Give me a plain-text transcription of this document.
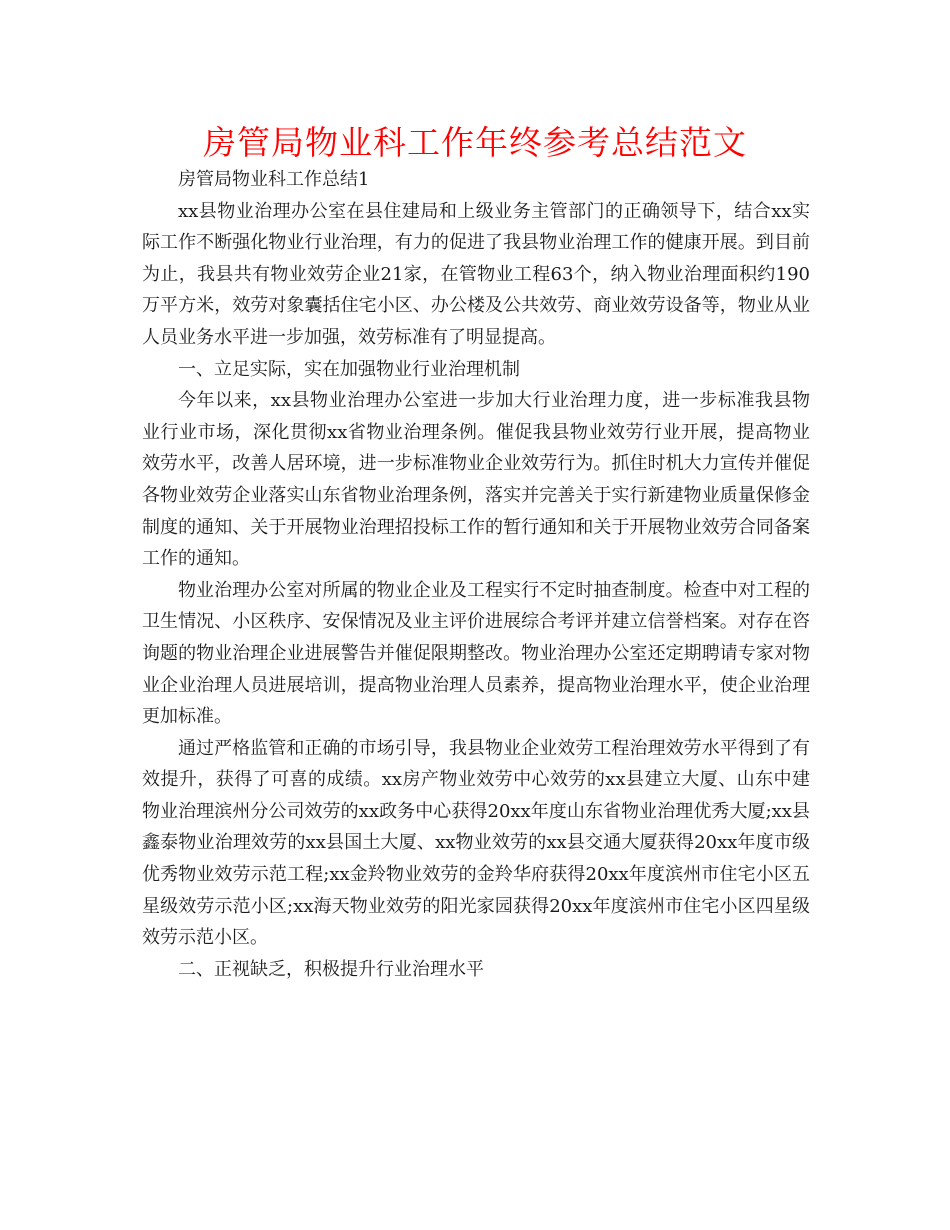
房管局物业科工作年终参考总结范文

房管局物业科工作总结1

xx县物业治理办公室在县住建局和上级业务主管部门的正确领导下，结合xx实际工作不断强化物业行业治理，有力的促进了我县物业治理工作的健康开展。到目前为止，我县共有物业效劳企业21家，在管物业工程63个，纳入物业治理面积约190万平方米，效劳对象囊括住宅小区、办公楼及公共效劳、商业效劳设备等，物业从业人员业务水平进一步加强，效劳标准有了明显提高。

一、立足实际，实在加强物业行业治理机制

今年以来，xx县物业治理办公室进一步加大行业治理力度，进一步标准我县物业行业市场，深化贯彻xx省物业治理条例。催促我县物业效劳行业开展，提高物业效劳水平，改善人居环境，进一步标准物业企业效劳行为。抓住时机大力宣传并催促各物业效劳企业落实山东省物业治理条例，落实并完善关于实行新建物业质量保修金制度的通知、关于开展物业治理招投标工作的暂行通知和关于开展物业效劳合同备案工作的通知。

物业治理办公室对所属的物业企业及工程实行不定时抽查制度。检查中对工程的卫生情况、小区秩序、安保情况及业主评价进展综合考评并建立信誉档案。对存在咨询题的物业治理企业进展警告并催促限期整改。物业治理办公室还定期聘请专家对物业企业治理人员进展培训，提高物业治理人员素养，提高物业治理水平，使企业治理更加标准。

通过严格监管和正确的市场引导，我县物业企业效劳工程治理效劳水平得到了有效提升，获得了可喜的成绩。xx房产物业效劳中心效劳的xx县建立大厦、山东中建物业治理滨州分公司效劳的xx政务中心获得20xx年度山东省物业治理优秀大厦;xx县鑫泰物业治理效劳的xx县国土大厦、xx物业效劳的xx县交通大厦获得20xx年度市级优秀物业效劳示范工程;xx金羚物业效劳的金羚华府获得20xx年度滨州市住宅小区五星级效劳示范小区;xx海天物业效劳的阳光家园获得20xx年度滨州市住宅小区四星级效劳示范小区。

二、正视缺乏，积极提升行业治理水平
